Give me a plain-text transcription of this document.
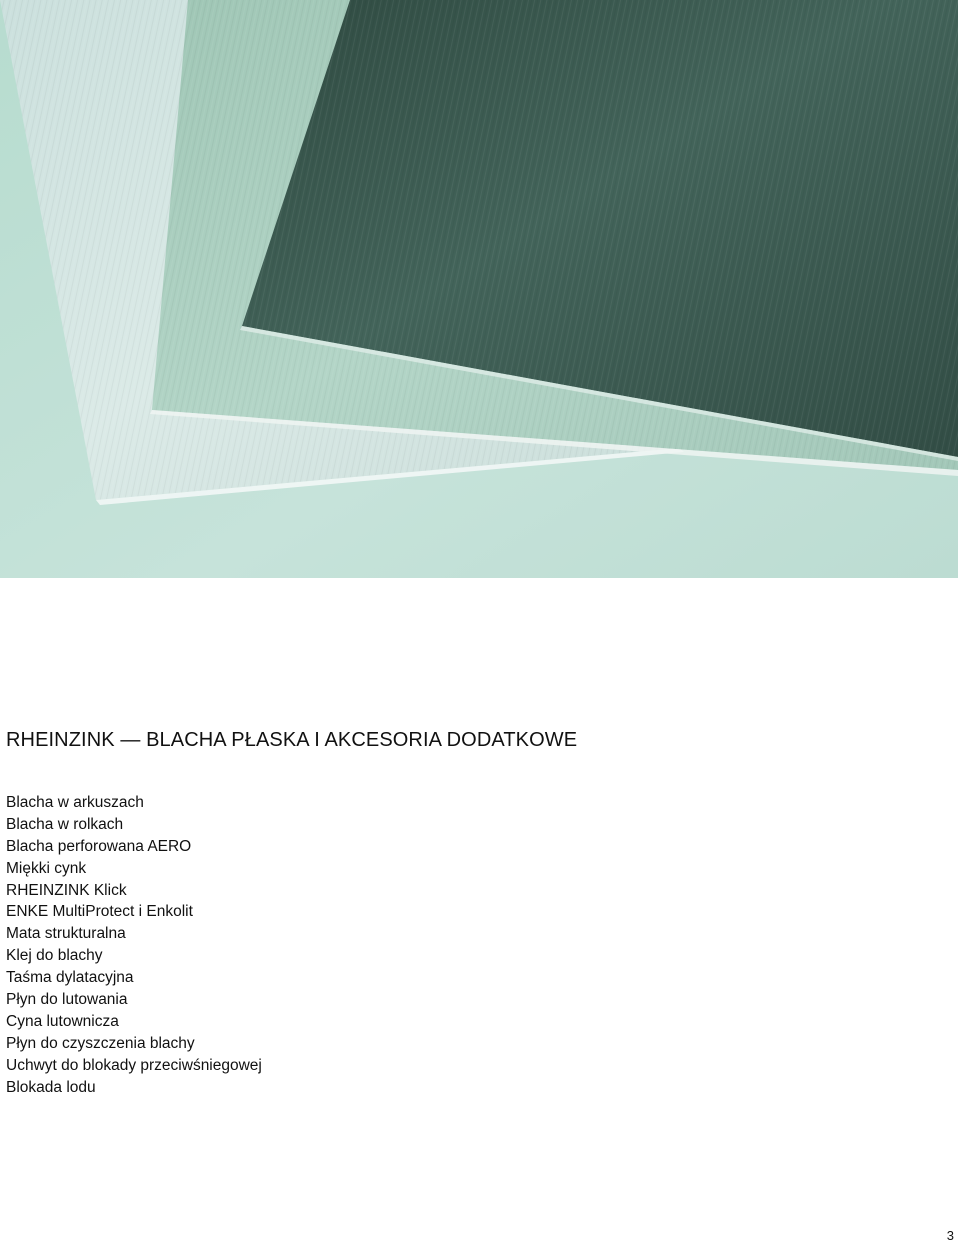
RHEINZINK — BLACHA PŁASKA I AKCESORIA DODATKOWE
Blacha w arkuszach
Blacha w rolkach
Blacha perforowana AERO
Miękki cynk
RHEINZINK Klick
ENKE MultiProtect i Enkolit
Mata strukturalna
Klej do blachy
Taśma dylatacyjna
Płyn do lutowania
Cyna lutownicza
Płyn do czyszczenia blachy
Uchwyt do blokady przeciwśniegowej
Blokada lodu
3
